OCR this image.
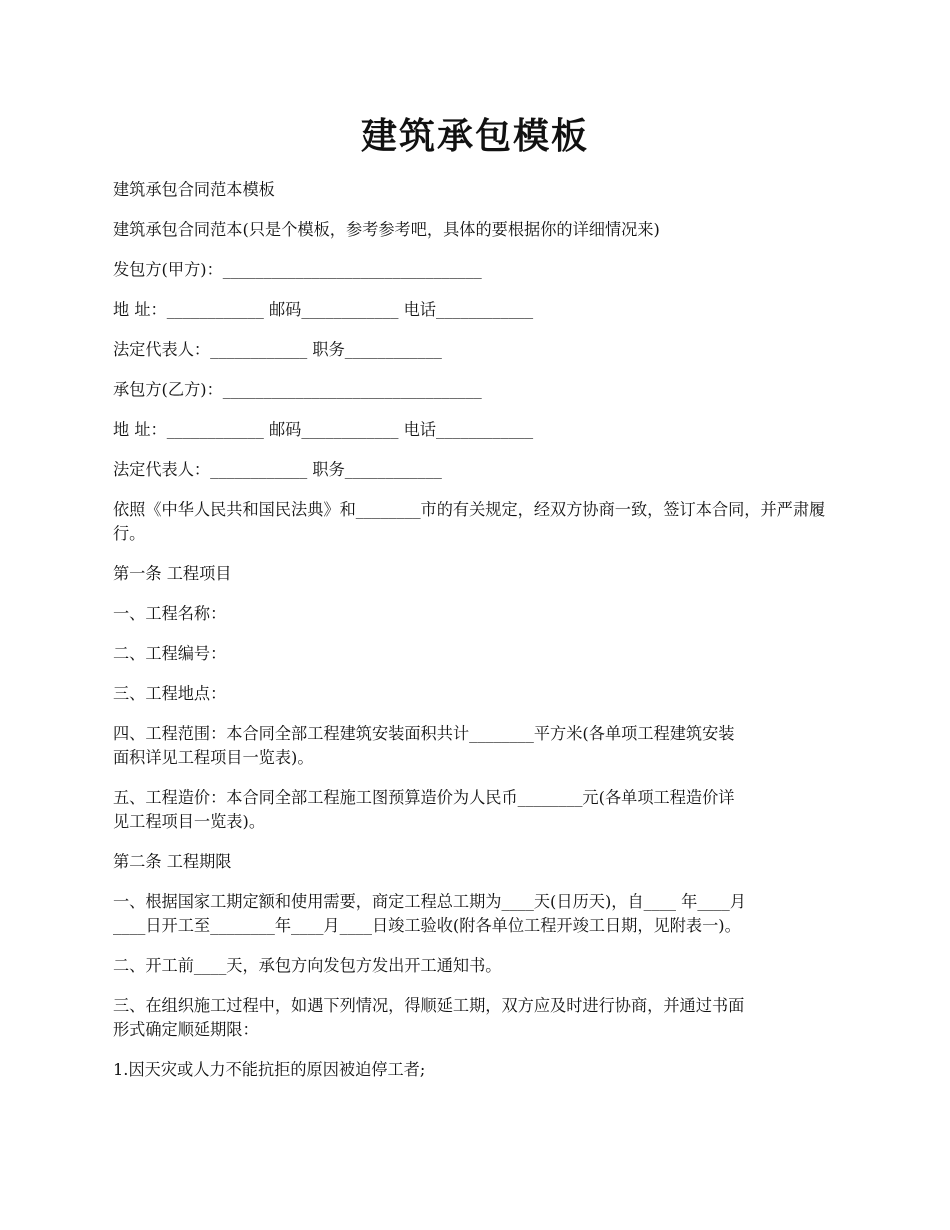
建筑承包模板

建筑承包合同范本模板

建筑承包合同范本(只是个模板，参考参考吧，具体的要根据你的详细情况来)

发包方(甲方)：________________________________

地 址：____________ 邮码____________ 电话____________

法定代表人：____________ 职务____________

承包方(乙方)：________________________________

地 址：____________ 邮码____________ 电话____________

法定代表人：____________ 职务____________

依照《中华人民共和国民法典》和________市的有关规定，经双方协商一致，签订本合同，并严肃履行。

第一条 工程项目

一、工程名称：

二、工程编号：

三、工程地点：

四、工程范围：本合同全部工程建筑安装面积共计________平方米(各单项工程建筑安装
面积详见工程项目一览表)。

五、工程造价：本合同全部工程施工图预算造价为人民币________元(各单项工程造价详
见工程项目一览表)。

第二条 工程期限

一、根据国家工期定额和使用需要，商定工程总工期为____天(日历天)，自____ 年____月
____日开工至________年____月____日竣工验收(附各单位工程开竣工日期，见附表一)。

二、开工前____天，承包方向发包方发出开工通知书。

三、在组织施工过程中，如遇下列情况，得顺延工期，双方应及时进行协商，并通过书面
形式确定顺延期限：

1.因天灾或人力不能抗拒的原因被迫停工者;
